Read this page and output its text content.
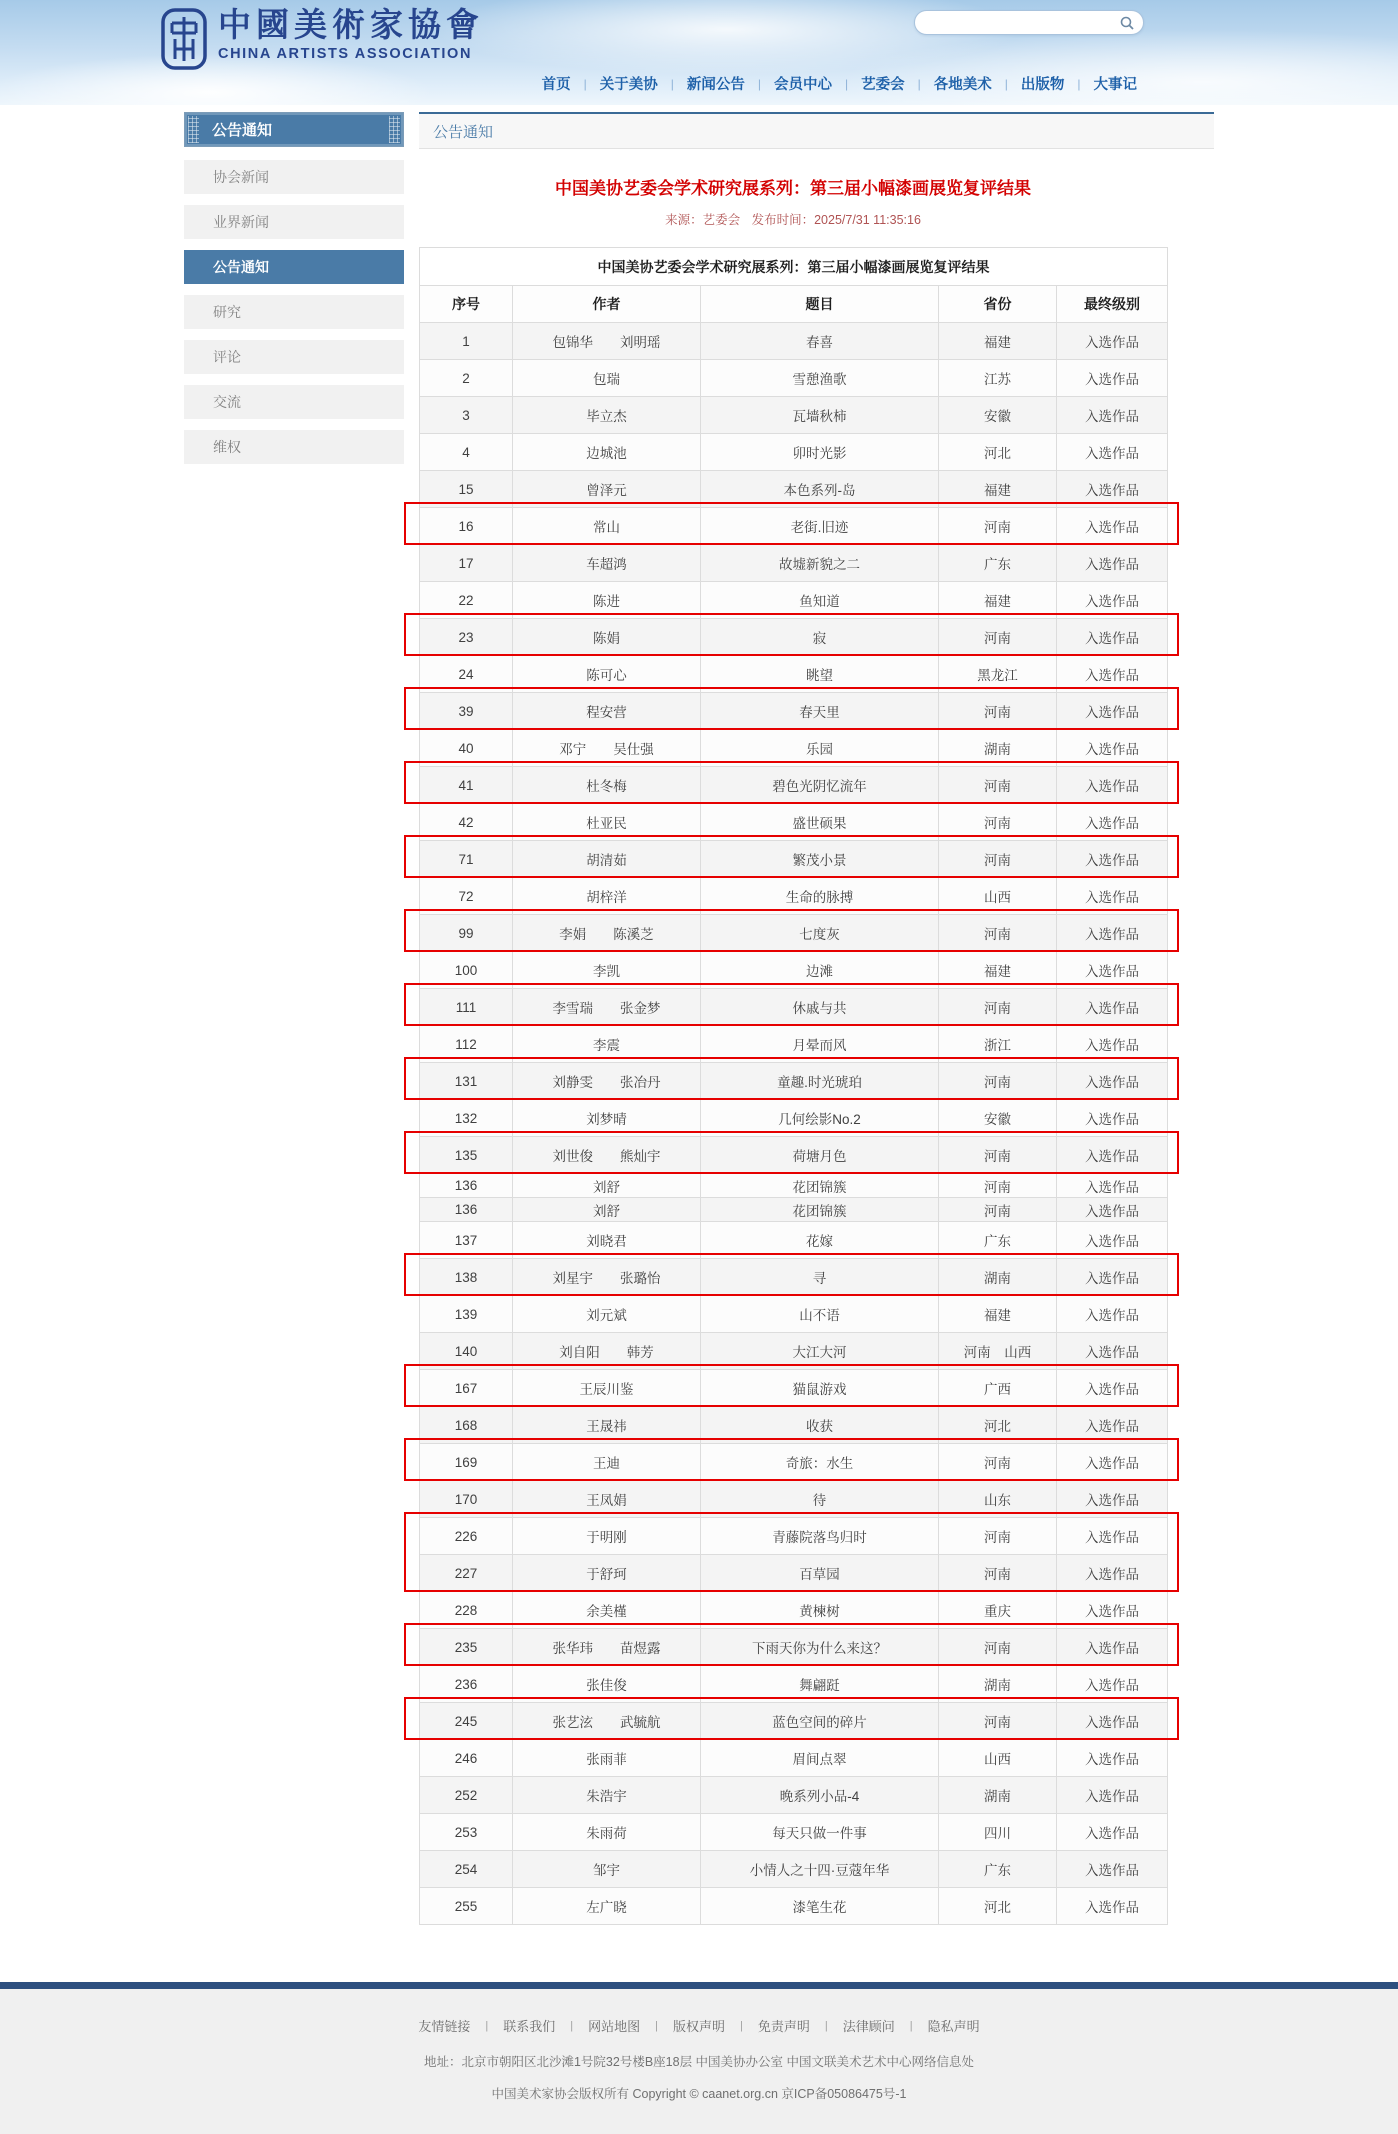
中國美術家協會
CHINA ARTISTS ASSOCIATION
首页	| 关于美协	| 新闻公告	| 会员中心	| 艺委会	| 各地美术	| 出版物	| 大事记
公告通知
协会新闻
业界新闻
公告通知
研究
评论
交流
维权
公告通知
中国美协艺委会学术研究展系列：第三届小幅漆画展览复评结果
来源：艺委会 发布时间：2025/7/31 11:35:16
中国美协艺委会学术研究展系列：第三届小幅漆画展览复评结果				
序号	作者	题目	省份	最终级别
1	包锦华　　刘明瑶	春喜	福建	入选作品
2	包瑞	雪憩渔歌	江苏	入选作品
3	毕立杰	瓦墙秋柿	安徽	入选作品
4	边城池	卯时光影	河北	入选作品
15	曾泽元	本色系列-岛	福建	入选作品
16	常山	老街.旧迹	河南	入选作品
17	车超鸿	故墟新貌之二	广东	入选作品
22	陈进	鱼知道	福建	入选作品
23	陈娟	寂	河南	入选作品
24	陈可心	眺望	黑龙江	入选作品
39	程安营	春天里	河南	入选作品
40	邓宁　　吴仕强	乐园	湖南	入选作品
41	杜冬梅	碧色光阴忆流年	河南	入选作品
42	杜亚民	盛世硕果	河南	入选作品
71	胡清茹	繁茂小景	河南	入选作品
72	胡梓洋	生命的脉搏	山西	入选作品
99	李娟　　陈溪芝	七度灰	河南	入选作品
100	李凯	边滩	福建	入选作品
111	李雪瑞　　张金梦	休戚与共	河南	入选作品
112	李震	月晕而风	浙江	入选作品
131	刘静雯　　张冶丹	童趣.时光琥珀	河南	入选作品
132	刘梦晴	几何绘影No.2	安徽	入选作品
135	刘世俊　　熊灿宇	荷塘月色	河南	入选作品
136	刘舒	花团锦簇	河南	入选作品
136	刘舒	花团锦簇	河南	入选作品
137	刘晓君	花嫁	广东	入选作品
138	刘星宇　　张璐怡	寻	湖南	入选作品
139	刘元斌	山不语	福建	入选作品
140	刘自阳　　韩芳	大江大河	河南　山西	入选作品
167	王辰川鉴	猫鼠游戏	广西	入选作品
168	王晟祎	收获	河北	入选作品
169	王迪	奇旅：水生	河南	入选作品
170	王凤娟	待	山东	入选作品
226	于明刚	青藤院落鸟归时	河南	入选作品
227	于舒珂	百草园	河南	入选作品
228	余美槿	黄楝树	重庆	入选作品
235	张华玮　　苗煜露	下雨天你为什么来这？	河南	入选作品
236	张佳俊	舞翩跹	湖南	入选作品
245	张艺泫　　武毓航	蓝色空间的碎片	河南	入选作品
246	张雨菲	眉间点翠	山西	入选作品
252	朱浩宇	晚系列小品-4	湖南	入选作品
253	朱雨荷	每天只做一件事	四川	入选作品
254	邹宇	小情人之十四·豆蔻年华	广东	入选作品
255	左广晓	漆笔生花	河北	入选作品
友情链接	|	联系我们	|	网站地图	|	版权声明	|	免责声明	|	法律顾问	|	隐私声明
地址：北京市朝阳区北沙滩1号院32号楼B座18层 中国美协办公室 中国文联美术艺术中心网络信息处
中国美术家协会版权所有 Copyright © caanet.org.cn 京ICP备05086475号-1
